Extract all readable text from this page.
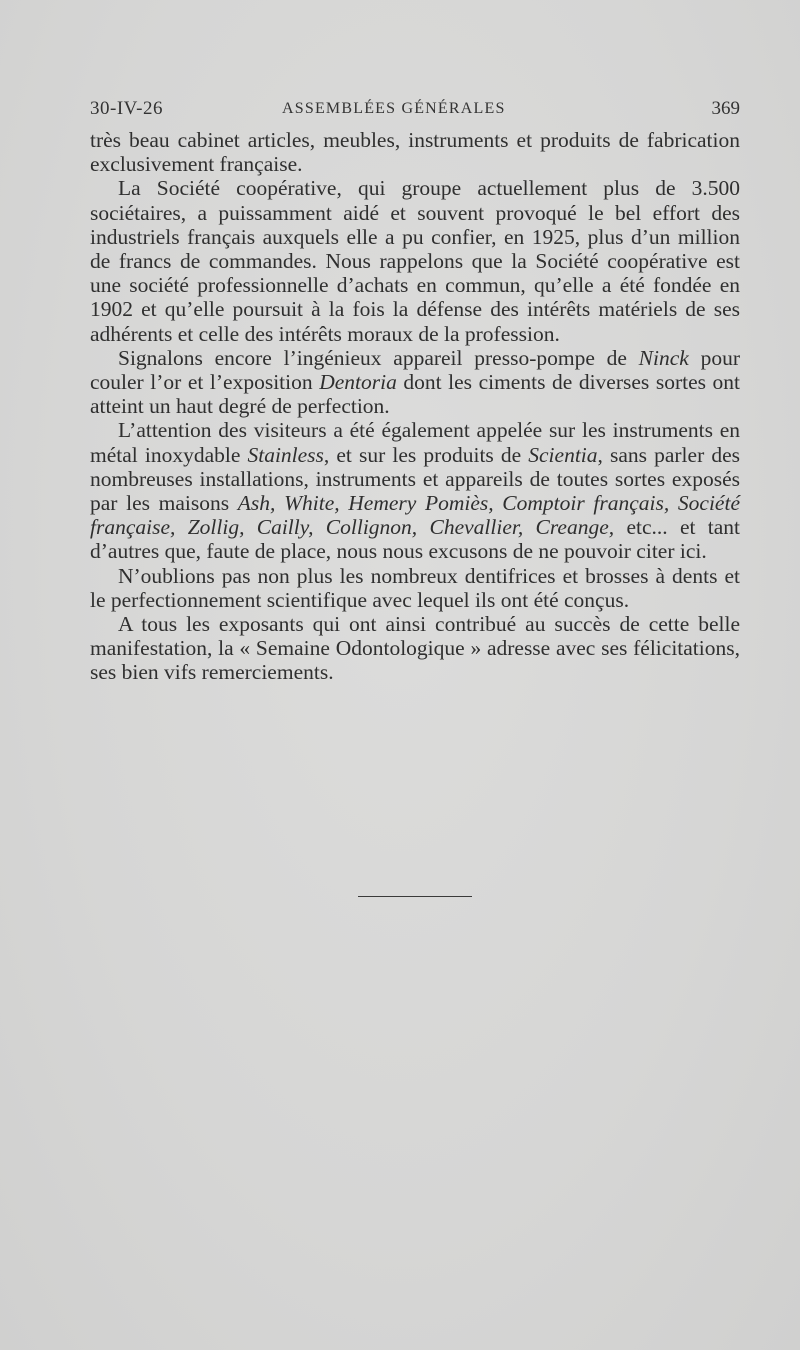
30-IV-26	ASSEMBLÉES GÉNÉRALES	369

très beau cabinet articles, meubles, instruments et produits de fabrication exclusivement française.

La Société coopérative, qui groupe actuellement plus de 3.500 sociétaires, a puissamment aidé et souvent provoqué le bel effort des industriels français auxquels elle a pu confier, en 1925, plus d’un million de francs de commandes. Nous rappelons que la Société coopérative est une société professionnelle d’achats en commun, qu’elle a été fondée en 1902 et qu’elle poursuit à la fois la défense des intérêts matériels de ses adhérents et celle des intérêts moraux de la profession.

Signalons encore l’ingénieux appareil presso-pompe de Ninck pour couler l’or et l’exposition Dentoria dont les ciments de diverses sortes ont atteint un haut degré de perfection.

L’attention des visiteurs a été également appelée sur les instruments en métal inoxydable Stainless, et sur les produits de Scientia, sans parler des nombreuses installations, instruments et appareils de toutes sortes exposés par les maisons Ash, White, Hemery Pomiès, Comptoir français, Société française, Zollig, Cailly, Collignon, Chevallier, Creange, etc... et tant d’autres que, faute de place, nous nous excusons de ne pouvoir citer ici.

N’oublions pas non plus les nombreux dentifrices et brosses à dents et le perfectionnement scientifique avec lequel ils ont été conçus.

A tous les exposants qui ont ainsi contribué au succès de cette belle manifestation, la « Semaine Odontologique » adresse avec ses félicitations, ses bien vifs remerciements.
